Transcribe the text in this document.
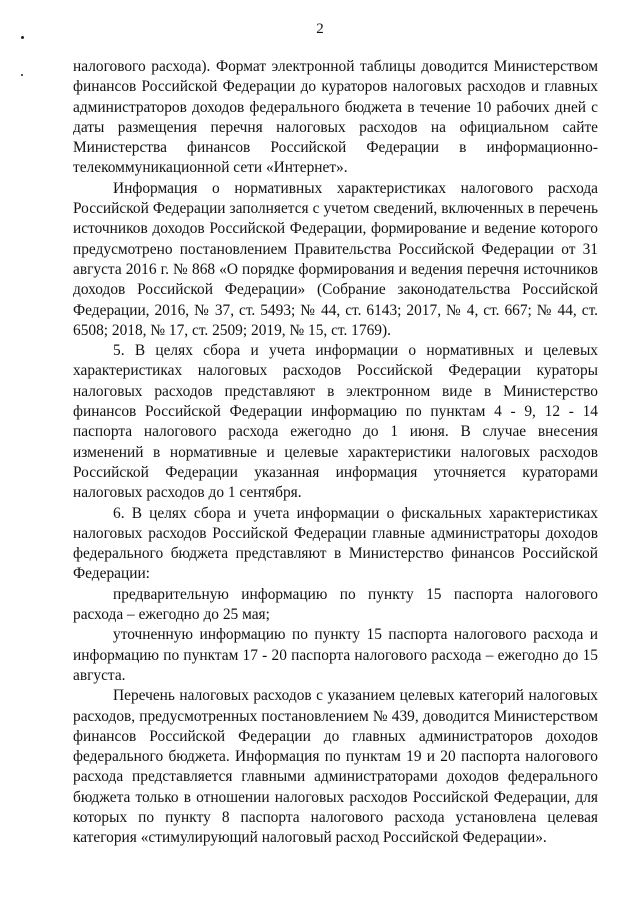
2

налогового расхода). Формат электронной таблицы доводится Министерством финансов Российской Федерации до кураторов налоговых расходов и главных администраторов доходов федерального бюджета в течение 10 рабочих дней с даты размещения перечня налоговых расходов на официальном сайте Министерства финансов Российской Федерации в информационно-телекоммуникационной сети «Интернет».

Информация о нормативных характеристиках налогового расхода Российской Федерации заполняется с учетом сведений, включенных в перечень источников доходов Российской Федерации, формирование и ведение которого предусмотрено постановлением Правительства Российской Федерации от 31 августа 2016 г. № 868 «О порядке формирования и ведения перечня источников доходов Российской Федерации» (Собрание законодательства Российской Федерации, 2016, № 37, ст. 5493; № 44, ст. 6143; 2017, № 4, ст. 667; № 44, ст. 6508; 2018, № 17, ст. 2509; 2019, № 15, ст. 1769).

5. В целях сбора и учета информации о нормативных и целевых характеристиках налоговых расходов Российской Федерации кураторы налоговых расходов представляют в электронном виде в Министерство финансов Российской Федерации информацию по пунктам 4 - 9, 12 - 14 паспорта налогового расхода ежегодно до 1 июня. В случае внесения изменений в нормативные и целевые характеристики налоговых расходов Российской Федерации указанная информация уточняется кураторами налоговых расходов до 1 сентября.

6. В целях сбора и учета информации о фискальных характеристиках налоговых расходов Российской Федерации главные администраторы доходов федерального бюджета представляют в Министерство финансов Российской Федерации:

предварительную информацию по пункту 15 паспорта налогового расхода – ежегодно до 25 мая;

уточненную информацию по пункту 15 паспорта налогового расхода и информацию по пунктам 17 - 20 паспорта налогового расхода – ежегодно до 15 августа.

Перечень налоговых расходов с указанием целевых категорий налоговых расходов, предусмотренных постановлением № 439, доводится Министерством финансов Российской Федерации до главных администраторов доходов федерального бюджета. Информация по пунктам 19 и 20 паспорта налогового расхода представляется главными администраторами доходов федерального бюджета только в отношении налоговых расходов Российской Федерации, для которых по пункту 8 паспорта налогового расхода установлена целевая категория «стимулирующий налоговый расход Российской Федерации».
